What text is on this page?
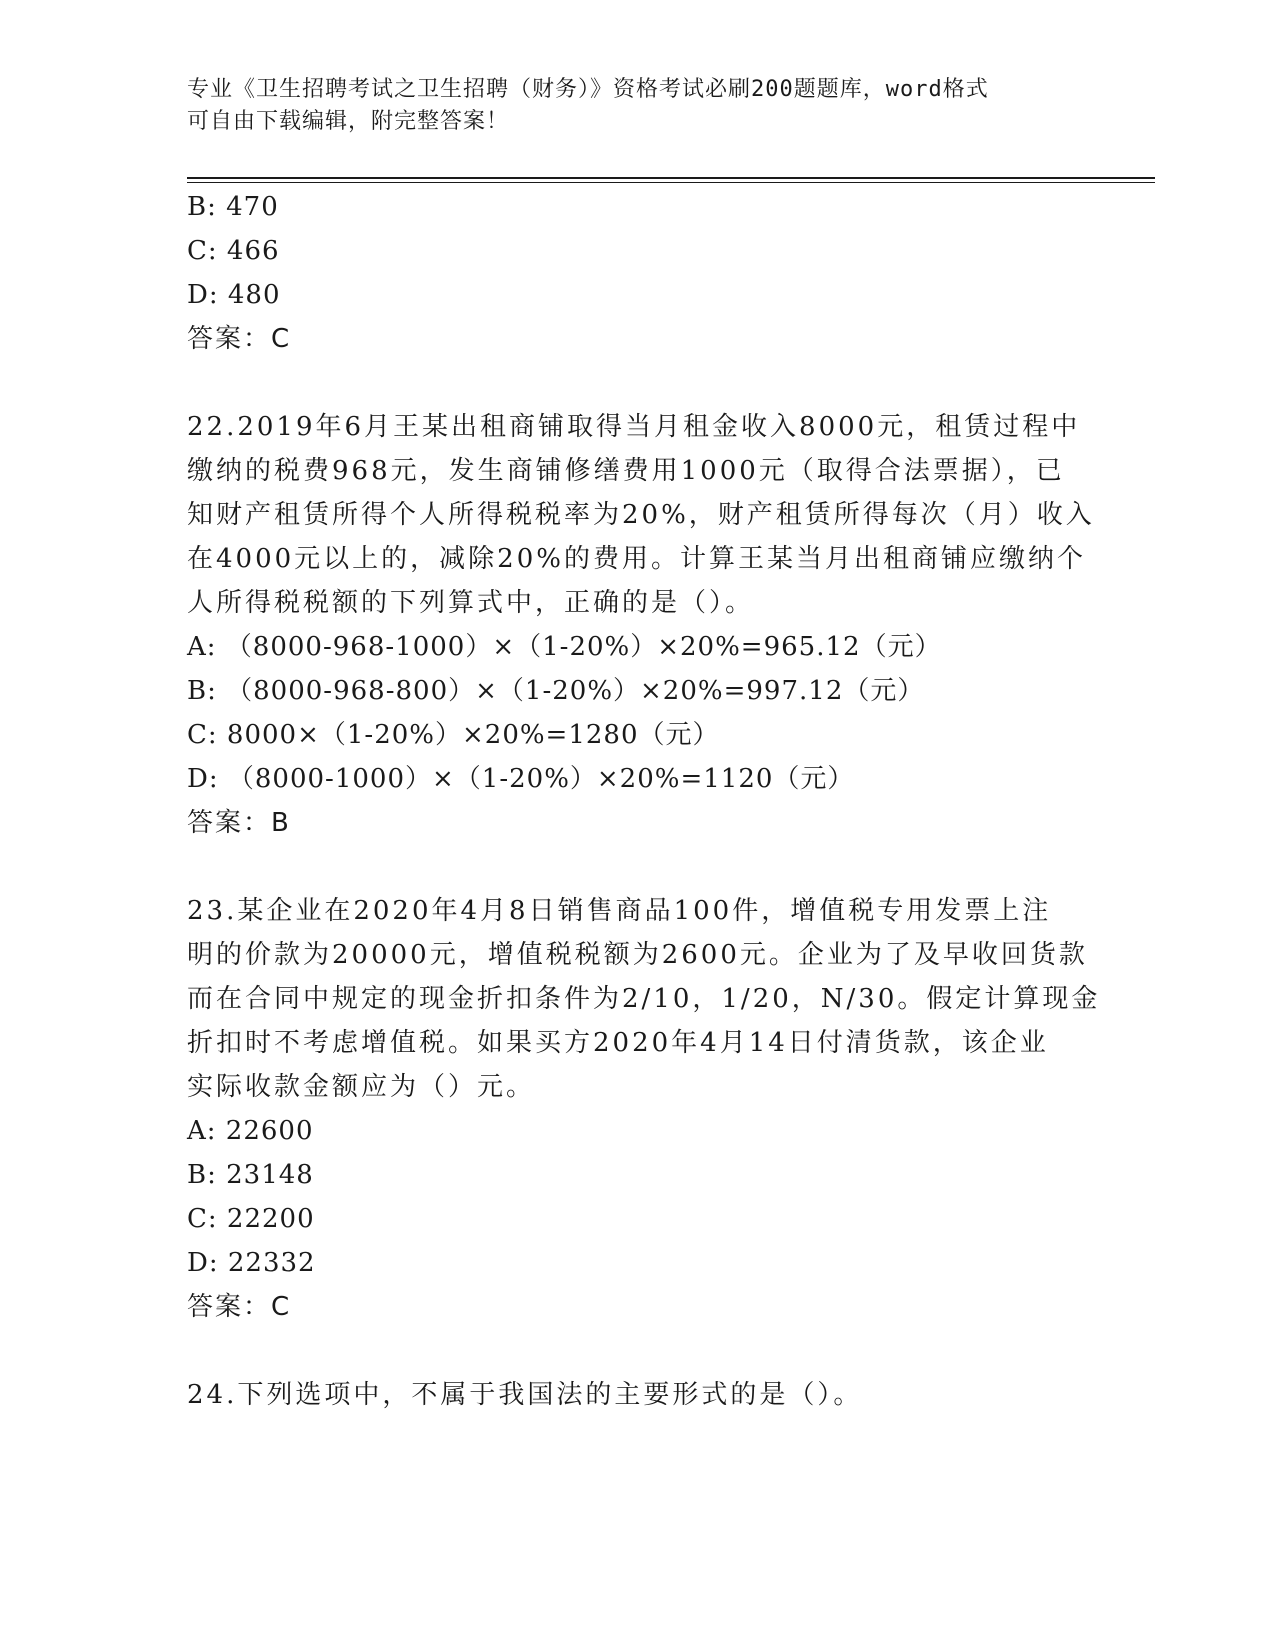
专业《卫生招聘考试之卫生招聘（财务）》资格考试必刷200题题库，word格式
可自由下载编辑，附完整答案！
B: 470
C: 466
D: 480
答案：C
22.2019年6月王某出租商铺取得当月租金收入8000元，租赁过程中
缴纳的税费968元，发生商铺修缮费用1000元（取得合法票据），已
知财产租赁所得个人所得税税率为20%，财产租赁所得每次（月）收入
在4000元以上的，减除20%的费用。计算王某当月出租商铺应缴纳个
人所得税税额的下列算式中，正确的是（）。
A: （8000-968-1000）×（1-20%）×20%=965.12（元）
B: （8000-968-800）×（1-20%）×20%=997.12（元）
C: 8000×（1-20%）×20%=1280（元）
D: （8000-1000）×（1-20%）×20%=1120（元）
答案：B
23.某企业在2020年4月8日销售商品100件，增值税专用发票上注
明的价款为20000元，增值税税额为2600元。企业为了及早收回货款
而在合同中规定的现金折扣条件为2/10，1/20，N/30。假定计算现金
折扣时不考虑增值税。如果买方2020年4月14日付清货款，该企业
实际收款金额应为（）元。
A: 22600
B: 23148
C: 22200
D: 22332
答案：C
24.下列选项中，不属于我国法的主要形式的是（）。
